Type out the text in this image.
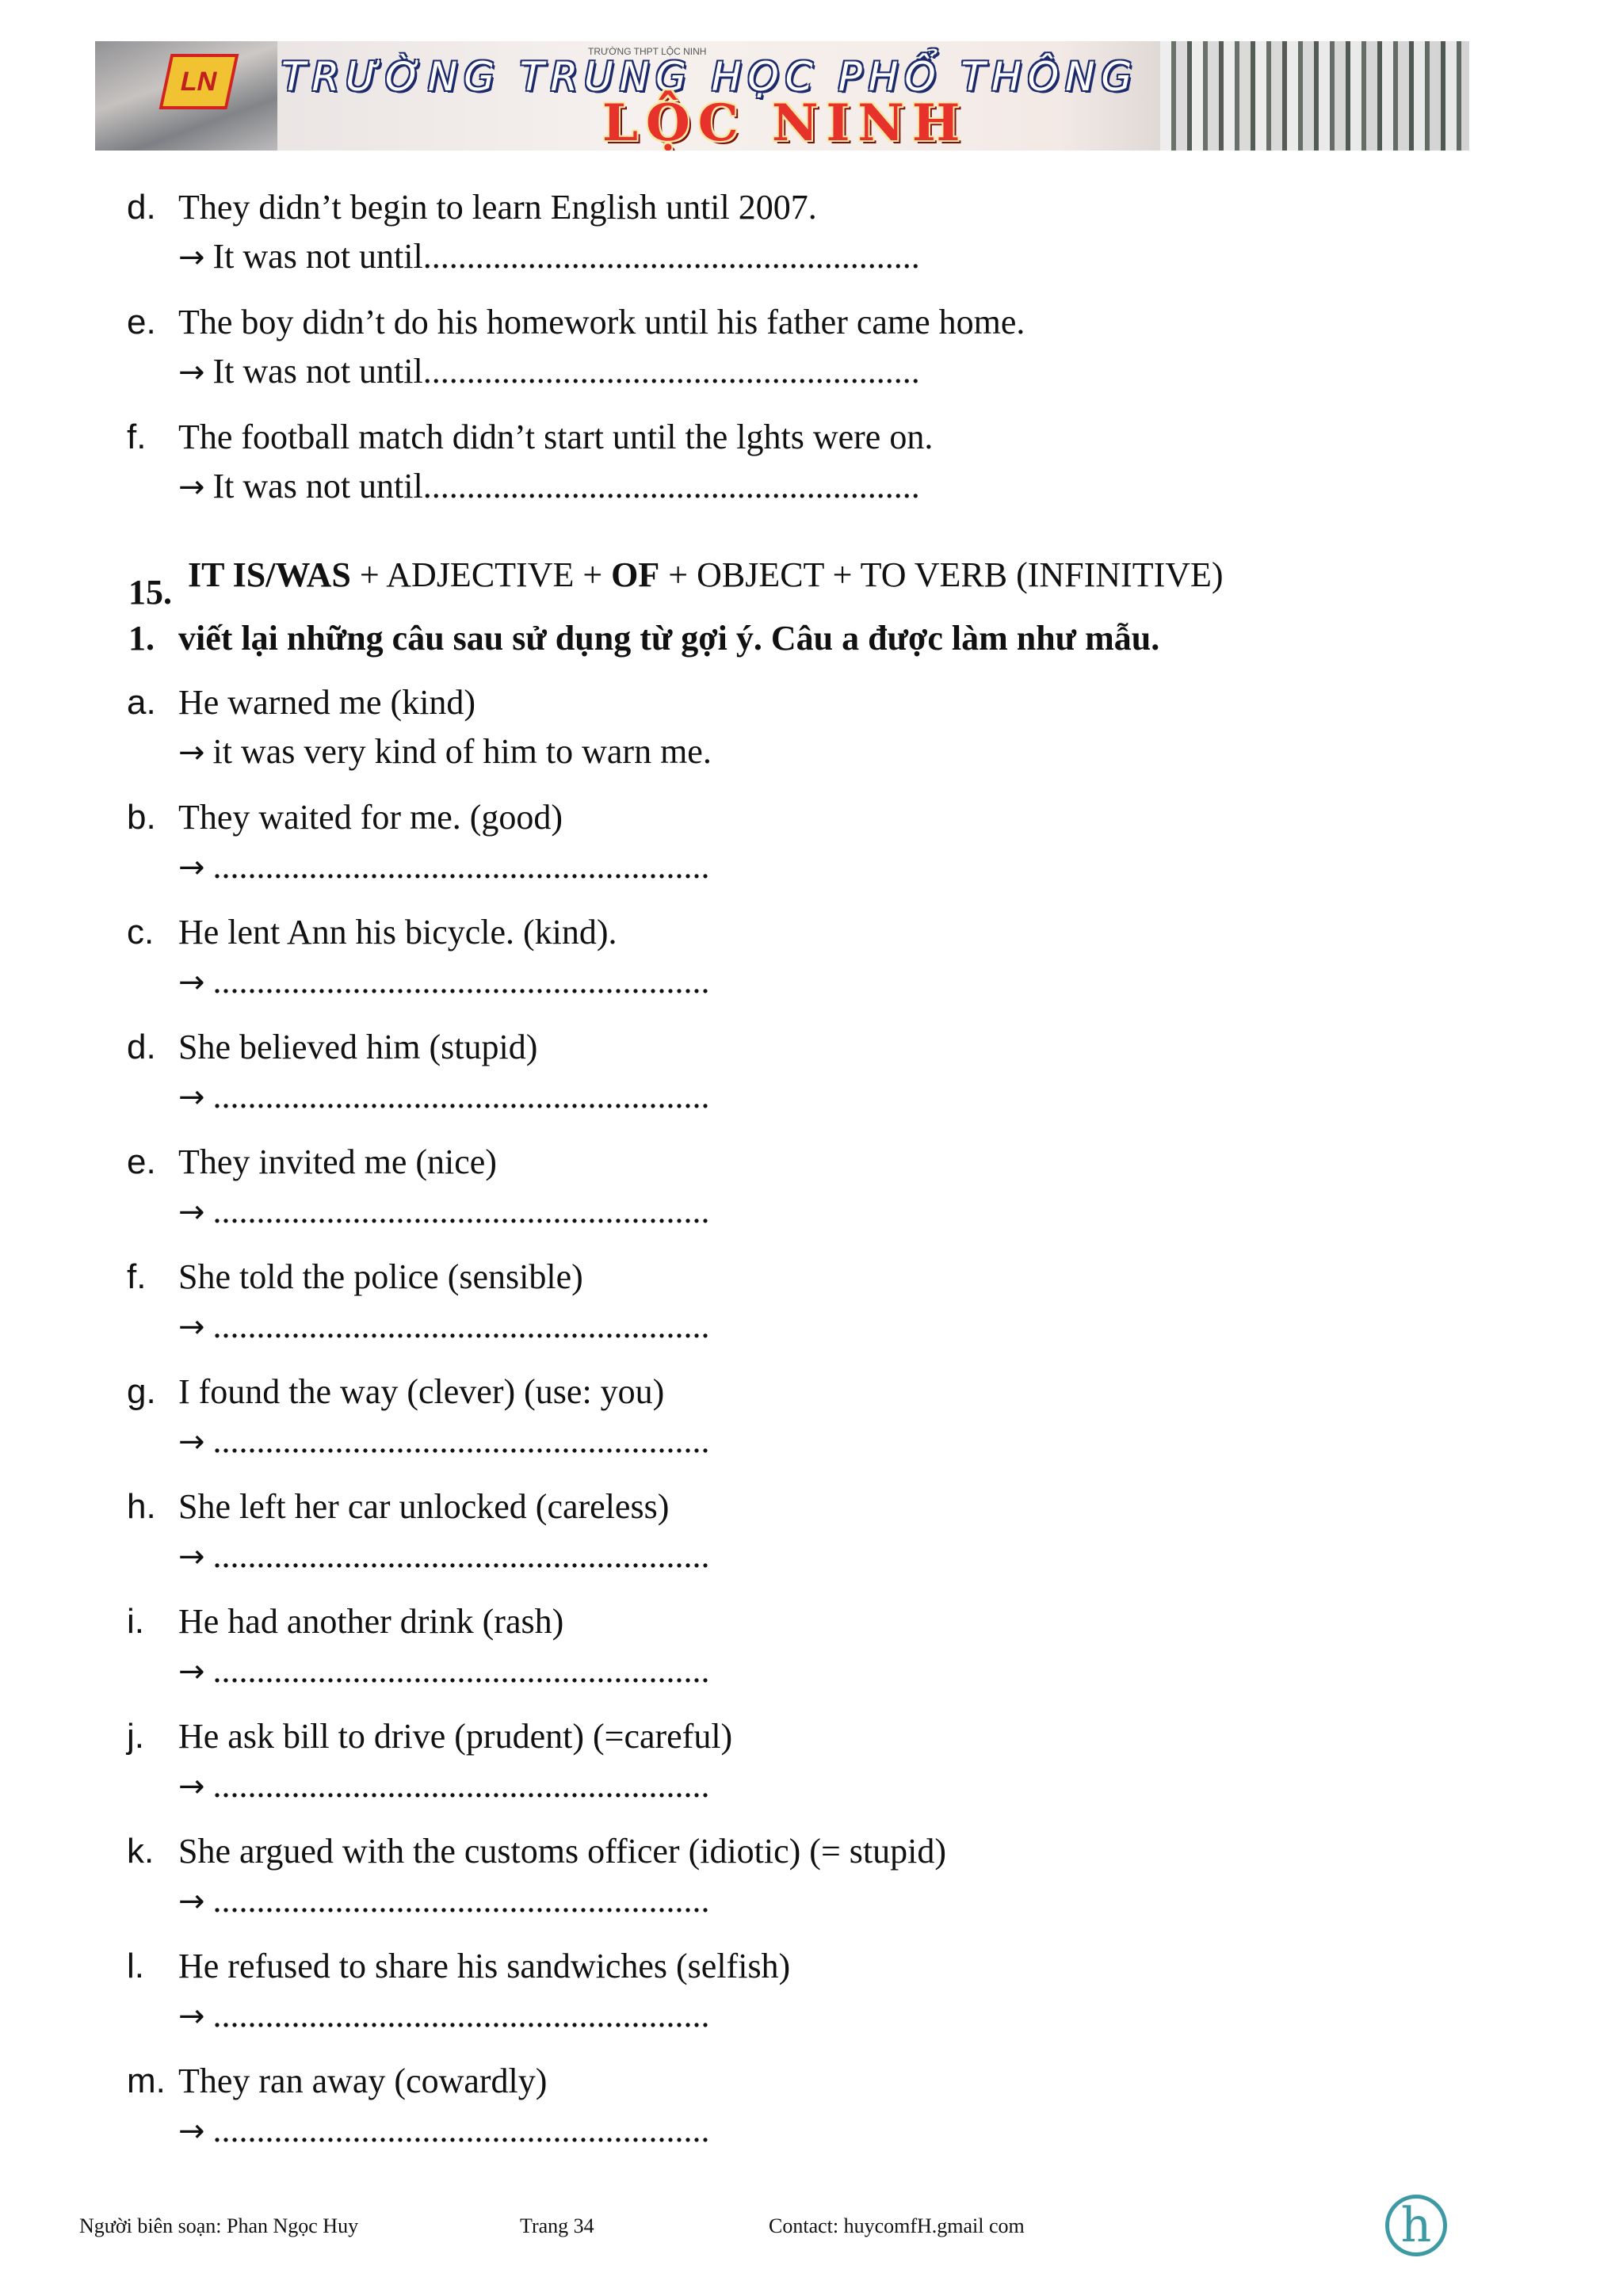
LN
TRƯỜNG THPT LỘC NINH
TRƯỜNG TRUNG HỌC PHỔ THÔNG
LỘC NINH
d. They didn’t begin to learn English until 2007.
→ It was not until.........................................................
e. The boy didn’t do his homework until his father came home.
→ It was not until.........................................................
f. The football match didn’t start until the lghts were on.
→ It was not until.........................................................
15. IT IS/WAS + ADJECTIVE + OF + OBJECT + TO VERB (INFINITIVE)
1. viết lại những câu sau sử dụng từ gợi ý. Câu a được làm như mẫu.
a. He warned me (kind)
→ it was very kind of him to warn me.
b. They waited for me. (good)
→ .........................................................
c. He lent Ann his bicycle. (kind).
→ .........................................................
d. She believed him (stupid)
→ .........................................................
e. They invited me (nice)
→ .........................................................
f. She told the police (sensible)
→ .........................................................
g. I found the way (clever) (use: you)
→ .........................................................
h. She left her car unlocked (careless)
→ .........................................................
i. He had another drink (rash)
→ .........................................................
j. He ask bill to drive (prudent) (=careful)
→ .........................................................
k. She argued with the customs officer (idiotic) (= stupid)
→ .........................................................
l. He refused to share his sandwiches (selfish)
→ .........................................................
m. They ran away (cowardly)
→ .........................................................
Người biên soạn: Phan Ngọc Huy	Trang 34	Contact: huycomfH.gmail com	h
